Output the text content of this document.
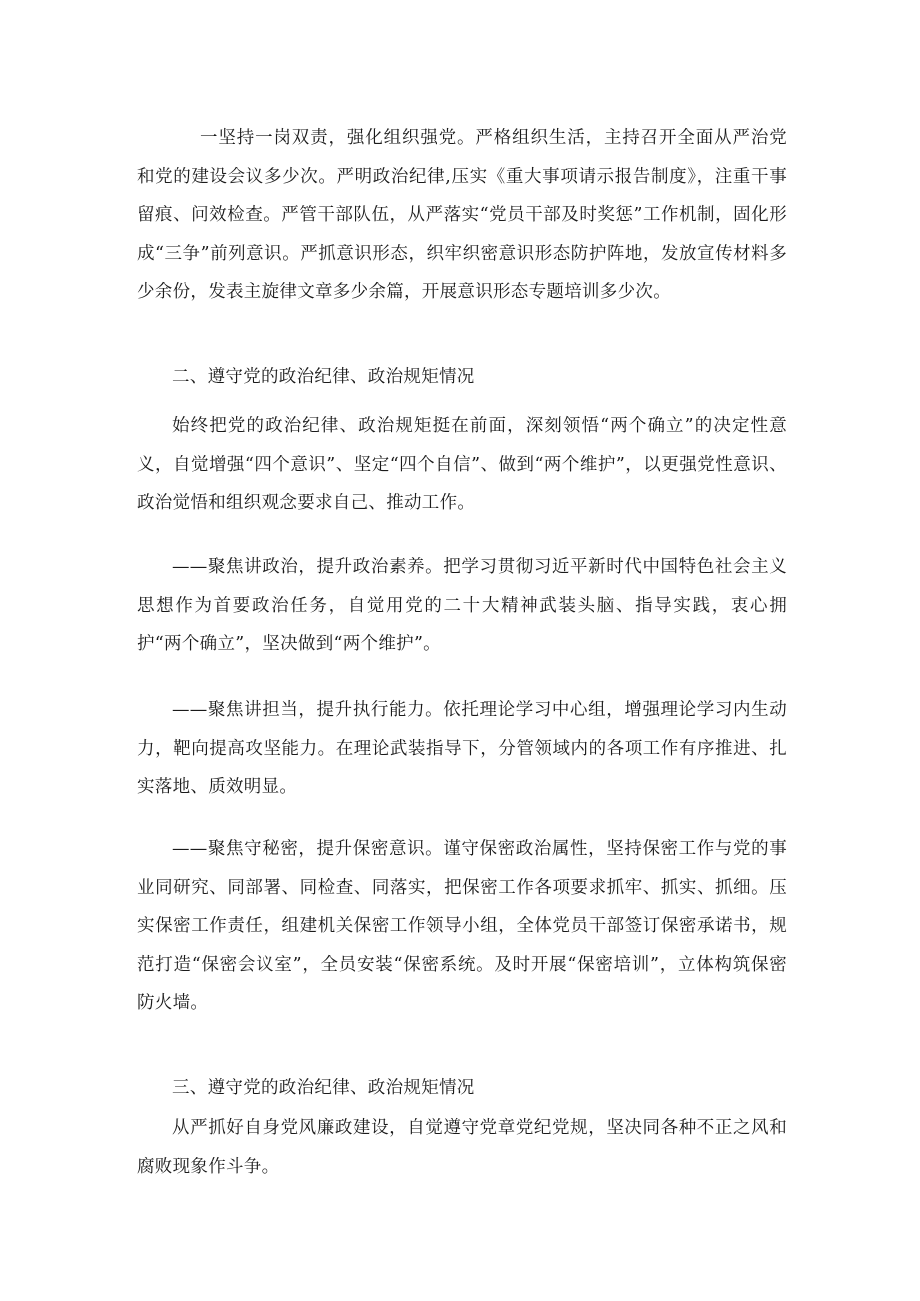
一坚持一岗双责，强化组织强党。严格组织生活，主持召开全面从严治党和党的建设会议多少次。严明政治纪律,压实《重大事项请示报告制度》，注重干事留痕、问效检查。严管干部队伍，从严落实“党员干部及时奖惩”工作机制，固化形成“三争”前列意识。严抓意识形态，织牢织密意识形态防护阵地，发放宣传材料多少余份，发表主旋律文章多少余篇，开展意识形态专题培训多少次。

二、遵守党的政治纪律、政治规矩情况

始终把党的政治纪律、政治规矩挺在前面，深刻领悟“两个确立”的决定性意义，自觉增强“四个意识”、坚定“四个自信”、做到“两个维护”，以更强党性意识、政治觉悟和组织观念要求自己、推动工作。

——聚焦讲政治，提升政治素养。把学习贯彻习近平新时代中国特色社会主义思想作为首要政治任务，自觉用党的二十大精神武装头脑、指导实践，衷心拥护“两个确立”，坚决做到“两个维护”。

——聚焦讲担当，提升执行能力。依托理论学习中心组，增强理论学习内生动力，靶向提高攻坚能力。在理论武装指导下，分管领域内的各项工作有序推进、扎实落地、质效明显。

——聚焦守秘密，提升保密意识。谨守保密政治属性，坚持保密工作与党的事业同研究、同部署、同检查、同落实，把保密工作各项要求抓牢、抓实、抓细。压实保密工作责任，组建机关保密工作领导小组，全体党员干部签订保密承诺书，规范打造“保密会议室”，全员安装“保密系统。及时开展“保密培训”，立体构筑保密防火墙。

三、遵守党的政治纪律、政治规矩情况

从严抓好自身党风廉政建设，自觉遵守党章党纪党规，坚决同各种不正之风和腐败现象作斗争。
